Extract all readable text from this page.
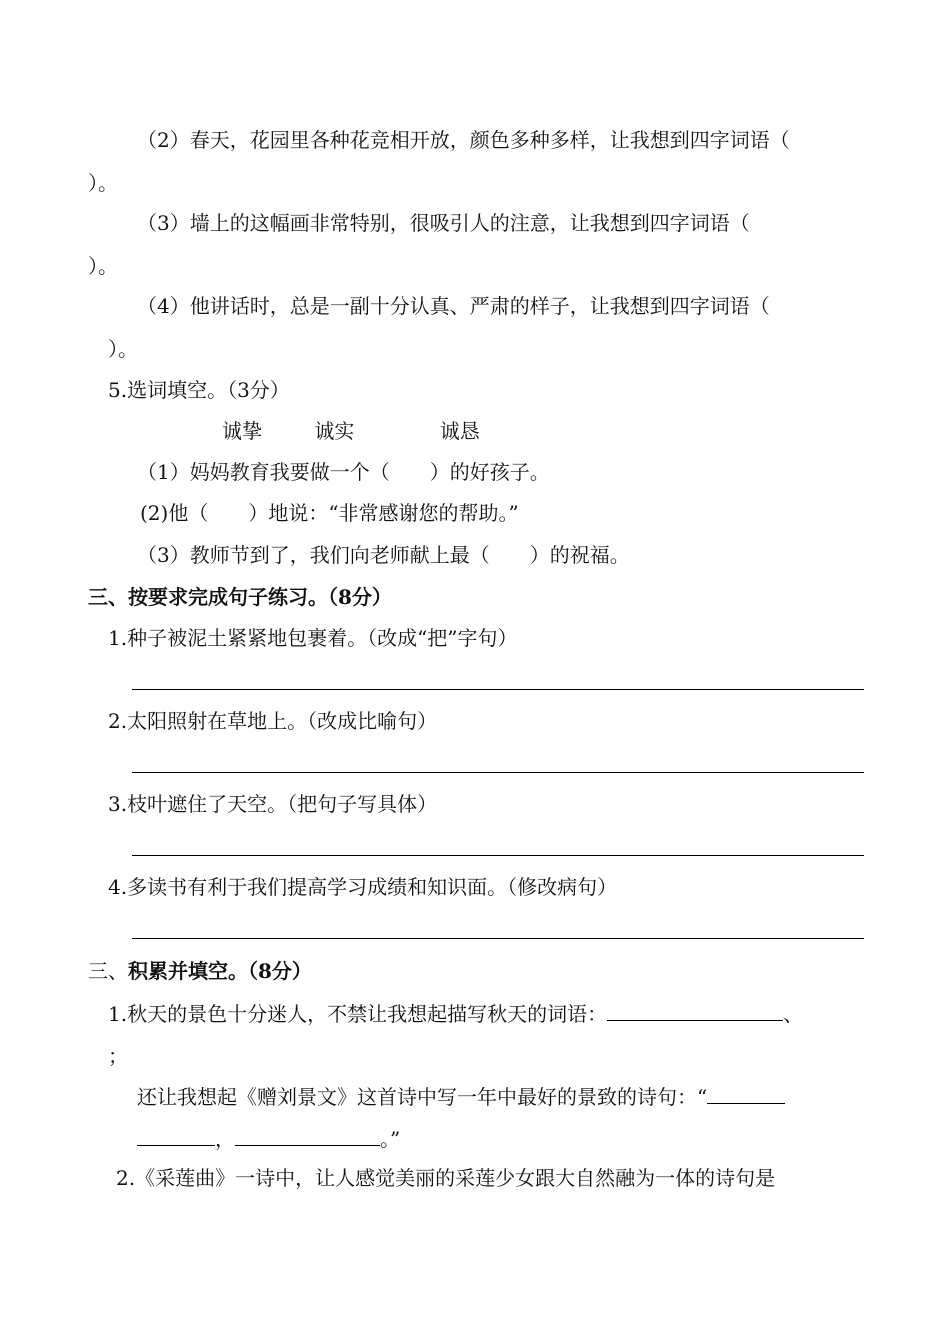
（2）春天，花园里各种花竞相开放，颜色多种多样，让我想到四字词语（
）。
（3）墙上的这幅画非常特别，很吸引人的注意，让我想到四字词语（
）。
（4）他讲话时，总是一副十分认真、严肃的样子，让我想到四字词语（
）。
5.选词填空。（3分）
诚挚	诚实	诚恳
（1）妈妈教育我要做一个（　　）的好孩子。
(2)他（　　）地说：“非常感谢您的帮助。”
（3）教师节到了，我们向老师献上最（　　）的祝福。
三、按要求完成句子练习。（8分）
1.种子被泥土紧紧地包裹着。（改成“把”字句）
2.太阳照射在草地上。（改成比喻句）
3.枝叶遮住了天空。（把句子写具体）
4.多读书有利于我们提高学习成绩和知识面。（修改病句）
三、积累并填空。（8分）
1.秋天的景色十分迷人，不禁让我想起描写秋天的词语：	、
；
还让我想起《赠刘景文》这首诗中写一年中最好的景致的诗句：“
，	。”
2.《采莲曲》一诗中，让人感觉美丽的采莲少女跟大自然融为一体的诗句是
